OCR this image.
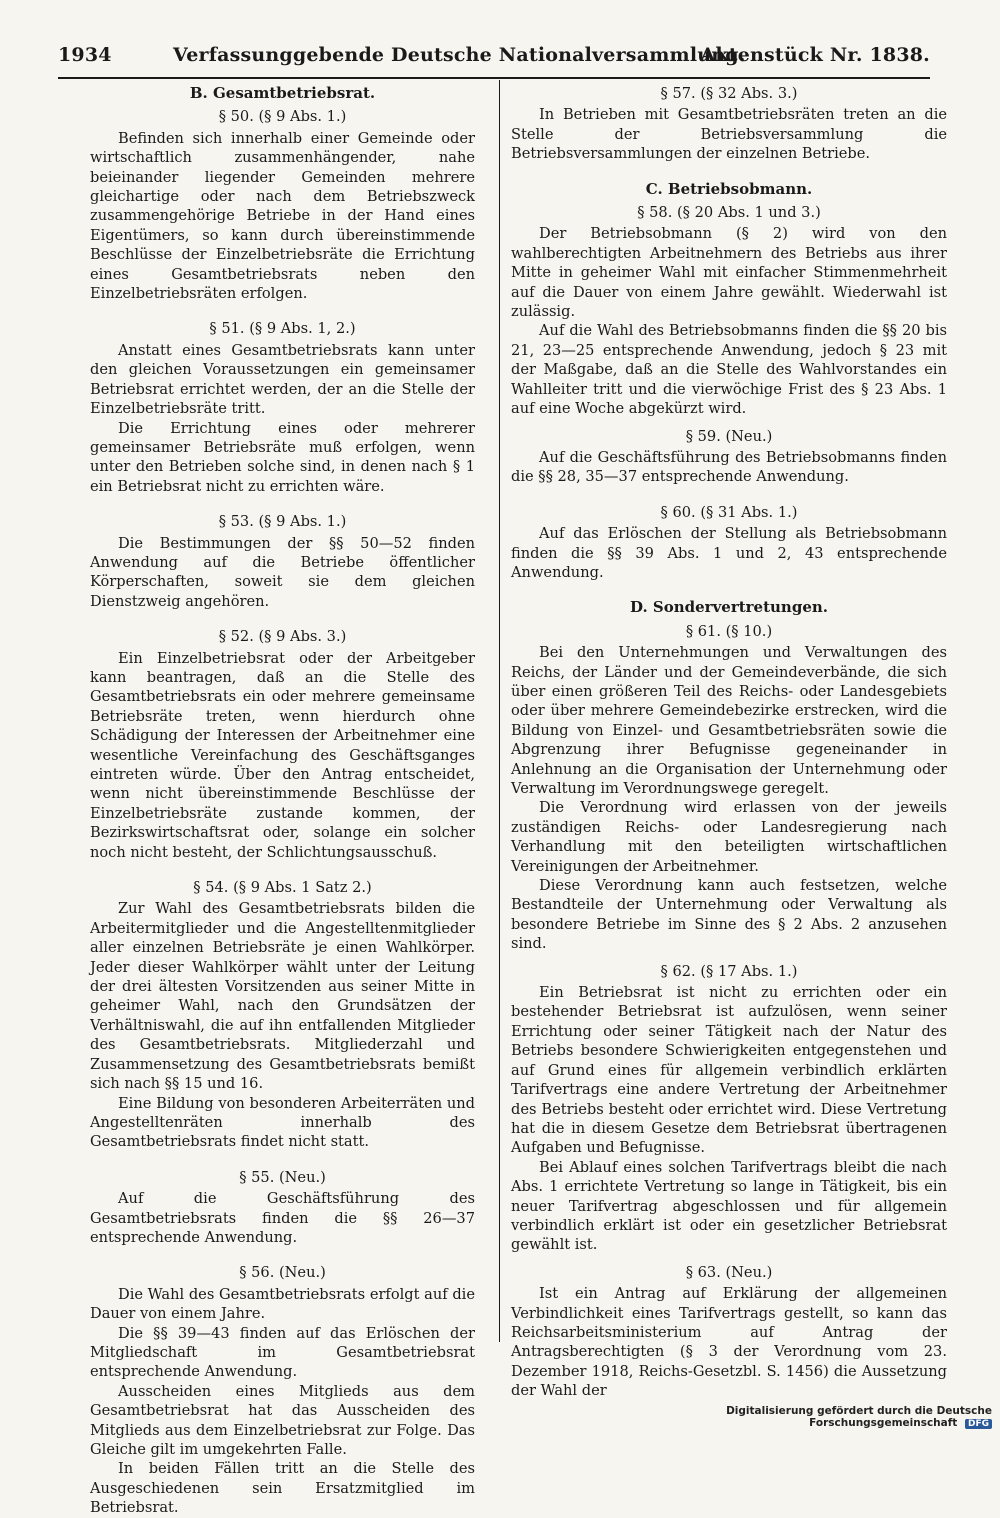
1934	Verfassunggebende Deutsche Nationalversammlung.
Aktenstück Nr. 1838.
B. Gesamtbetriebsrat.
§ 50. (§ 9 Abs. 1.)

Befinden sich innerhalb einer Gemeinde oder wirtschaftlich zusammenhängender, nahe beieinander liegender Gemeinden mehrere gleichartige oder nach dem Betriebszweck zusammengehörige Betriebe in der Hand eines Eigentümers, so kann durch übereinstimmende Beschlüsse der Einzelbetriebsräte die Errichtung eines Gesamtbetriebsrats neben den Einzelbetriebsräten erfolgen.

§ 51. (§ 9 Abs. 1, 2.)

Anstatt eines Gesamtbetriebsrats kann unter den gleichen Voraussetzungen ein gemeinsamer Betriebsrat errichtet werden, der an die Stelle der Einzelbetriebsräte tritt.

Die Errichtung eines oder mehrerer gemeinsamer Betriebsräte muß erfolgen, wenn unter den Betrieben solche sind, in denen nach § 1 ein Betriebsrat nicht zu errichten wäre.

§ 53. (§ 9 Abs. 1.)

Die Bestimmungen der §§ 50—52 finden Anwendung auf die Betriebe öffentlicher Körperschaften, soweit sie dem gleichen Dienstzweig angehören.

§ 52. (§ 9 Abs. 3.)

Ein Einzelbetriebsrat oder der Arbeitgeber kann beantragen, daß an die Stelle des Gesamtbetriebsrats ein oder mehrere gemeinsame Betriebsräte treten, wenn hierdurch ohne Schädigung der Interessen der Arbeitnehmer eine wesentliche Vereinfachung des Geschäftsganges eintreten würde. Über den Antrag entscheidet, wenn nicht übereinstimmende Beschlüsse der Einzelbetriebsräte zustande kommen, der Bezirkswirtschaftsrat oder, solange ein solcher noch nicht besteht, der Schlichtungsausschuß.

§ 54. (§ 9 Abs. 1 Satz 2.)

Zur Wahl des Gesamtbetriebsrats bilden die Arbeitermitglieder und die Angestelltenmitglieder aller einzelnen Betriebsräte je einen Wahlkörper. Jeder dieser Wahlkörper wählt unter der Leitung der drei ältesten Vorsitzenden aus seiner Mitte in geheimer Wahl, nach den Grundsätzen der Verhältniswahl, die auf ihn entfallenden Mitglieder des Gesamtbetriebsrats. Mitgliederzahl und Zusammensetzung des Gesamtbetriebsrats bemißt sich nach §§ 15 und 16.

Eine Bildung von besonderen Arbeiterräten und Angestelltenräten innerhalb des Gesamtbetriebsrats findet nicht statt.

§ 55. (Neu.)

Auf die Geschäftsführung des Gesamtbetriebsrats finden die §§ 26—37 entsprechende Anwendung.

§ 56. (Neu.)

Die Wahl des Gesamtbetriebsrats erfolgt auf die Dauer von einem Jahre.

Die §§ 39—43 finden auf das Erlöschen der Mitgliedschaft im Gesamtbetriebsrat entsprechende Anwendung.

Ausscheiden eines Mitglieds aus dem Gesamtbetriebsrat hat das Ausscheiden des Mitglieds aus dem Einzelbetriebsrat zur Folge. Das Gleiche gilt im umgekehrten Falle.

In beiden Fällen tritt an die Stelle des Ausgeschiedenen sein Ersatzmitglied im Betriebsrat.

§ 57. (§ 32 Abs. 3.)

In Betrieben mit Gesamtbetriebsräten treten an die Stelle der Betriebsversammlung die Betriebsversammlungen der einzelnen Betriebe.

C. Betriebsobmann.
§ 58. (§ 20 Abs. 1 und 3.)

Der Betriebsobmann (§ 2) wird von den wahlberechtigten Arbeitnehmern des Betriebs aus ihrer Mitte in geheimer Wahl mit einfacher Stimmenmehrheit auf die Dauer von einem Jahre gewählt. Wiederwahl ist zulässig.

Auf die Wahl des Betriebsobmanns finden die §§ 20 bis 21, 23—25 entsprechende Anwendung, jedoch § 23 mit der Maßgabe, daß an die Stelle des Wahlvorstandes ein Wahlleiter tritt und die vierwöchige Frist des § 23 Abs. 1 auf eine Woche abgekürzt wird.

§ 59. (Neu.)

Auf die Geschäftsführung des Betriebsobmanns finden die §§ 28, 35—37 entsprechende Anwendung.

§ 60. (§ 31 Abs. 1.)

Auf das Erlöschen der Stellung als Betriebsobmann finden die §§ 39 Abs. 1 und 2, 43 entsprechende Anwendung.

D. Sondervertretungen.
§ 61. (§ 10.)

Bei den Unternehmungen und Verwaltungen des Reichs, der Länder und der Gemeindeverbände, die sich über einen größeren Teil des Reichs- oder Landesgebiets oder über mehrere Gemeindebezirke erstrecken, wird die Bildung von Einzel- und Gesamtbetriebsräten sowie die Abgrenzung ihrer Befugnisse gegeneinander in Anlehnung an die Organisation der Unternehmung oder Verwaltung im Verordnungswege geregelt.

Die Verordnung wird erlassen von der jeweils zuständigen Reichs- oder Landesregierung nach Verhandlung mit den beteiligten wirtschaftlichen Vereinigungen der Arbeitnehmer.

Diese Verordnung kann auch festsetzen, welche Bestandteile der Unternehmung oder Verwaltung als besondere Betriebe im Sinne des § 2 Abs. 2 anzusehen sind.

§ 62. (§ 17 Abs. 1.)

Ein Betriebsrat ist nicht zu errichten oder ein bestehender Betriebsrat ist aufzulösen, wenn seiner Errichtung oder seiner Tätigkeit nach der Natur des Betriebs besondere Schwierigkeiten entgegenstehen und auf Grund eines für allgemein verbindlich erklärten Tarifvertrags eine andere Vertretung der Arbeitnehmer des Betriebs besteht oder errichtet wird. Diese Vertretung hat die in diesem Gesetze dem Betriebsrat übertragenen Aufgaben und Befugnisse.

Bei Ablauf eines solchen Tarifvertrags bleibt die nach Abs. 1 errichtete Vertretung so lange in Tätigkeit, bis ein neuer Tarifvertrag abgeschlossen und für allgemein verbindlich erklärt ist oder ein gesetzlicher Betriebsrat gewählt ist.

§ 63. (Neu.)

Ist ein Antrag auf Erklärung der allgemeinen Verbindlichkeit eines Tarifvertrags gestellt, so kann das Reichsarbeitsministerium auf Antrag der Antragsberechtigten (§ 3 der Verordnung vom 23. Dezember 1918, Reichs-Gesetzbl. S. 1456) die Aussetzung der Wahl der

Digitalisierung gefördert durch die Deutsche Forschungsgemeinschaft DFG
